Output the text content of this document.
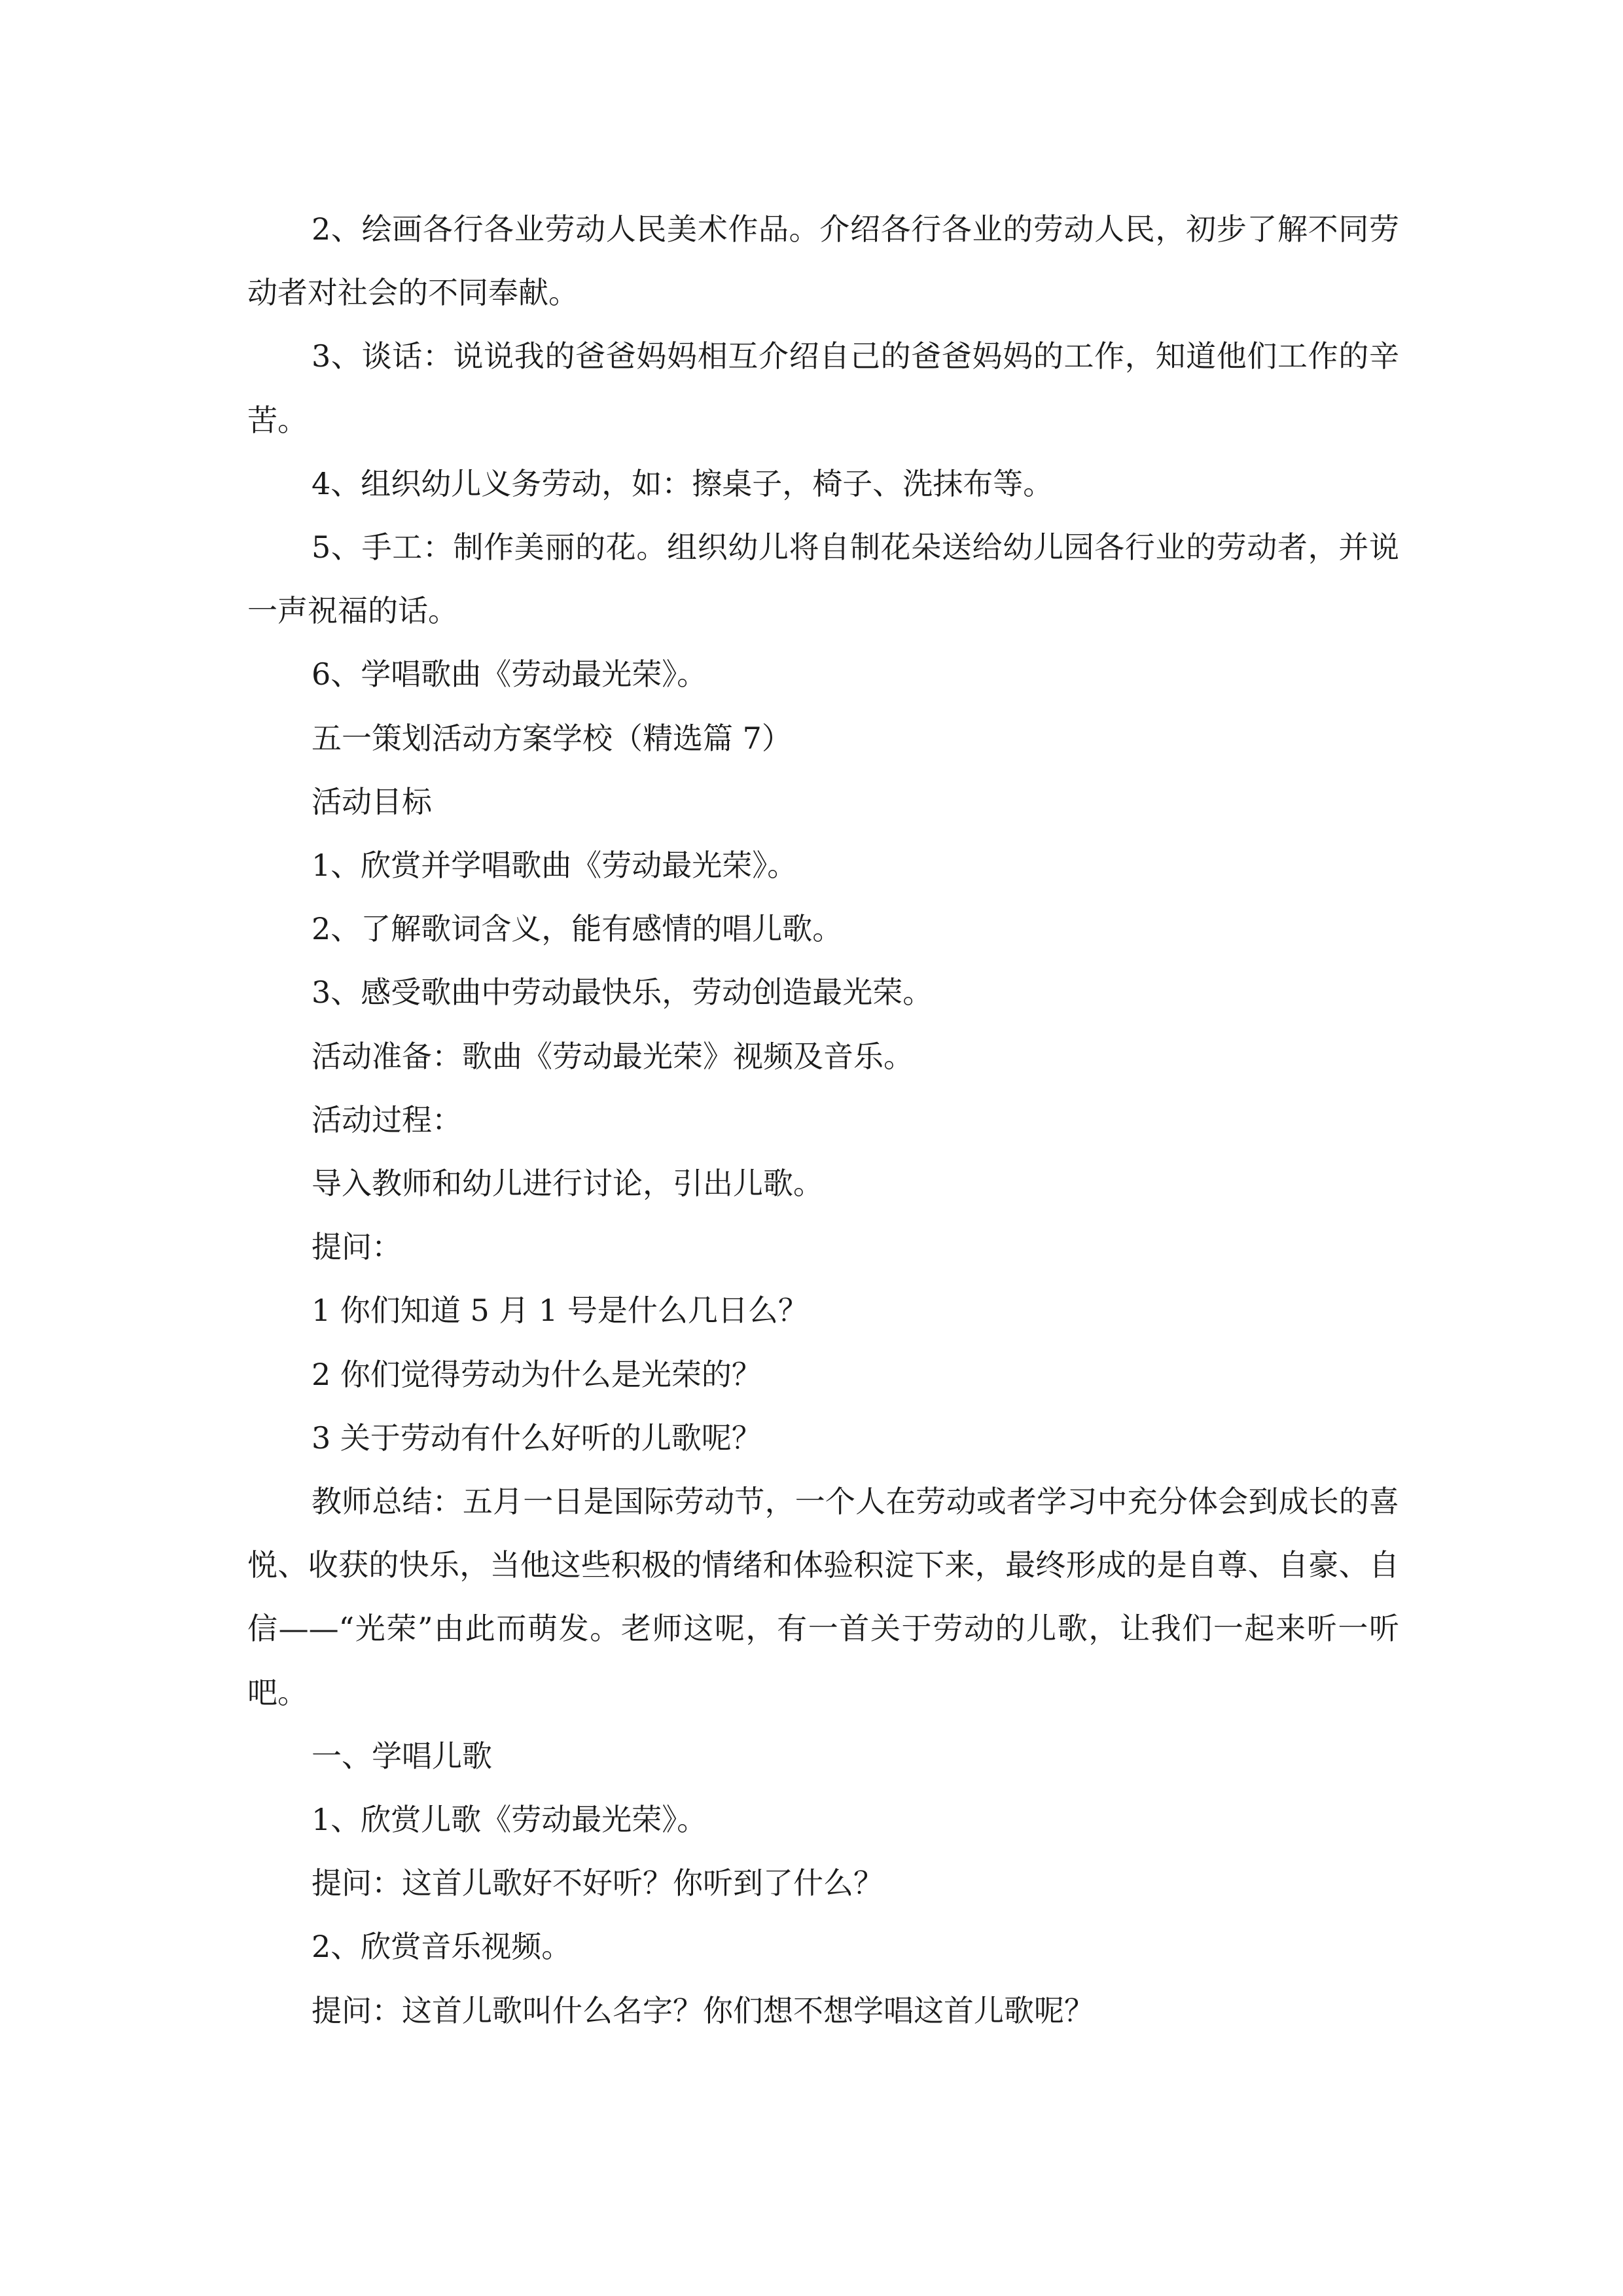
2、绘画各行各业劳动人民美术作品。介绍各行各业的劳动人民，初步了解不同劳动者对社会的不同奉献。

3、谈话：说说我的爸爸妈妈相互介绍自己的爸爸妈妈的工作，知道他们工作的辛苦。

4、组织幼儿义务劳动，如：擦桌子，椅子、洗抹布等。

5、手工：制作美丽的花。组织幼儿将自制花朵送给幼儿园各行业的劳动者，并说一声祝福的话。

6、学唱歌曲《劳动最光荣》。

五一策划活动方案学校（精选篇 7）

活动目标

1、欣赏并学唱歌曲《劳动最光荣》。

2、了解歌词含义，能有感情的唱儿歌。

3、感受歌曲中劳动最快乐，劳动创造最光荣。

活动准备：歌曲《劳动最光荣》视频及音乐。

活动过程：

导入教师和幼儿进行讨论，引出儿歌。

提问：

1 你们知道 5 月 1 号是什么几日么？

2 你们觉得劳动为什么是光荣的？

3 关于劳动有什么好听的儿歌呢？

教师总结：五月一日是国际劳动节，一个人在劳动或者学习中充分体会到成长的喜悦、收获的快乐，当他这些积极的情绪和体验积淀下来，最终形成的是自尊、自豪、自信——“光荣”由此而萌发。老师这呢，有一首关于劳动的儿歌，让我们一起来听一听吧。

一、学唱儿歌

1、欣赏儿歌《劳动最光荣》。

提问：这首儿歌好不好听？你听到了什么？

2、欣赏音乐视频。

提问：这首儿歌叫什么名字？你们想不想学唱这首儿歌呢？
